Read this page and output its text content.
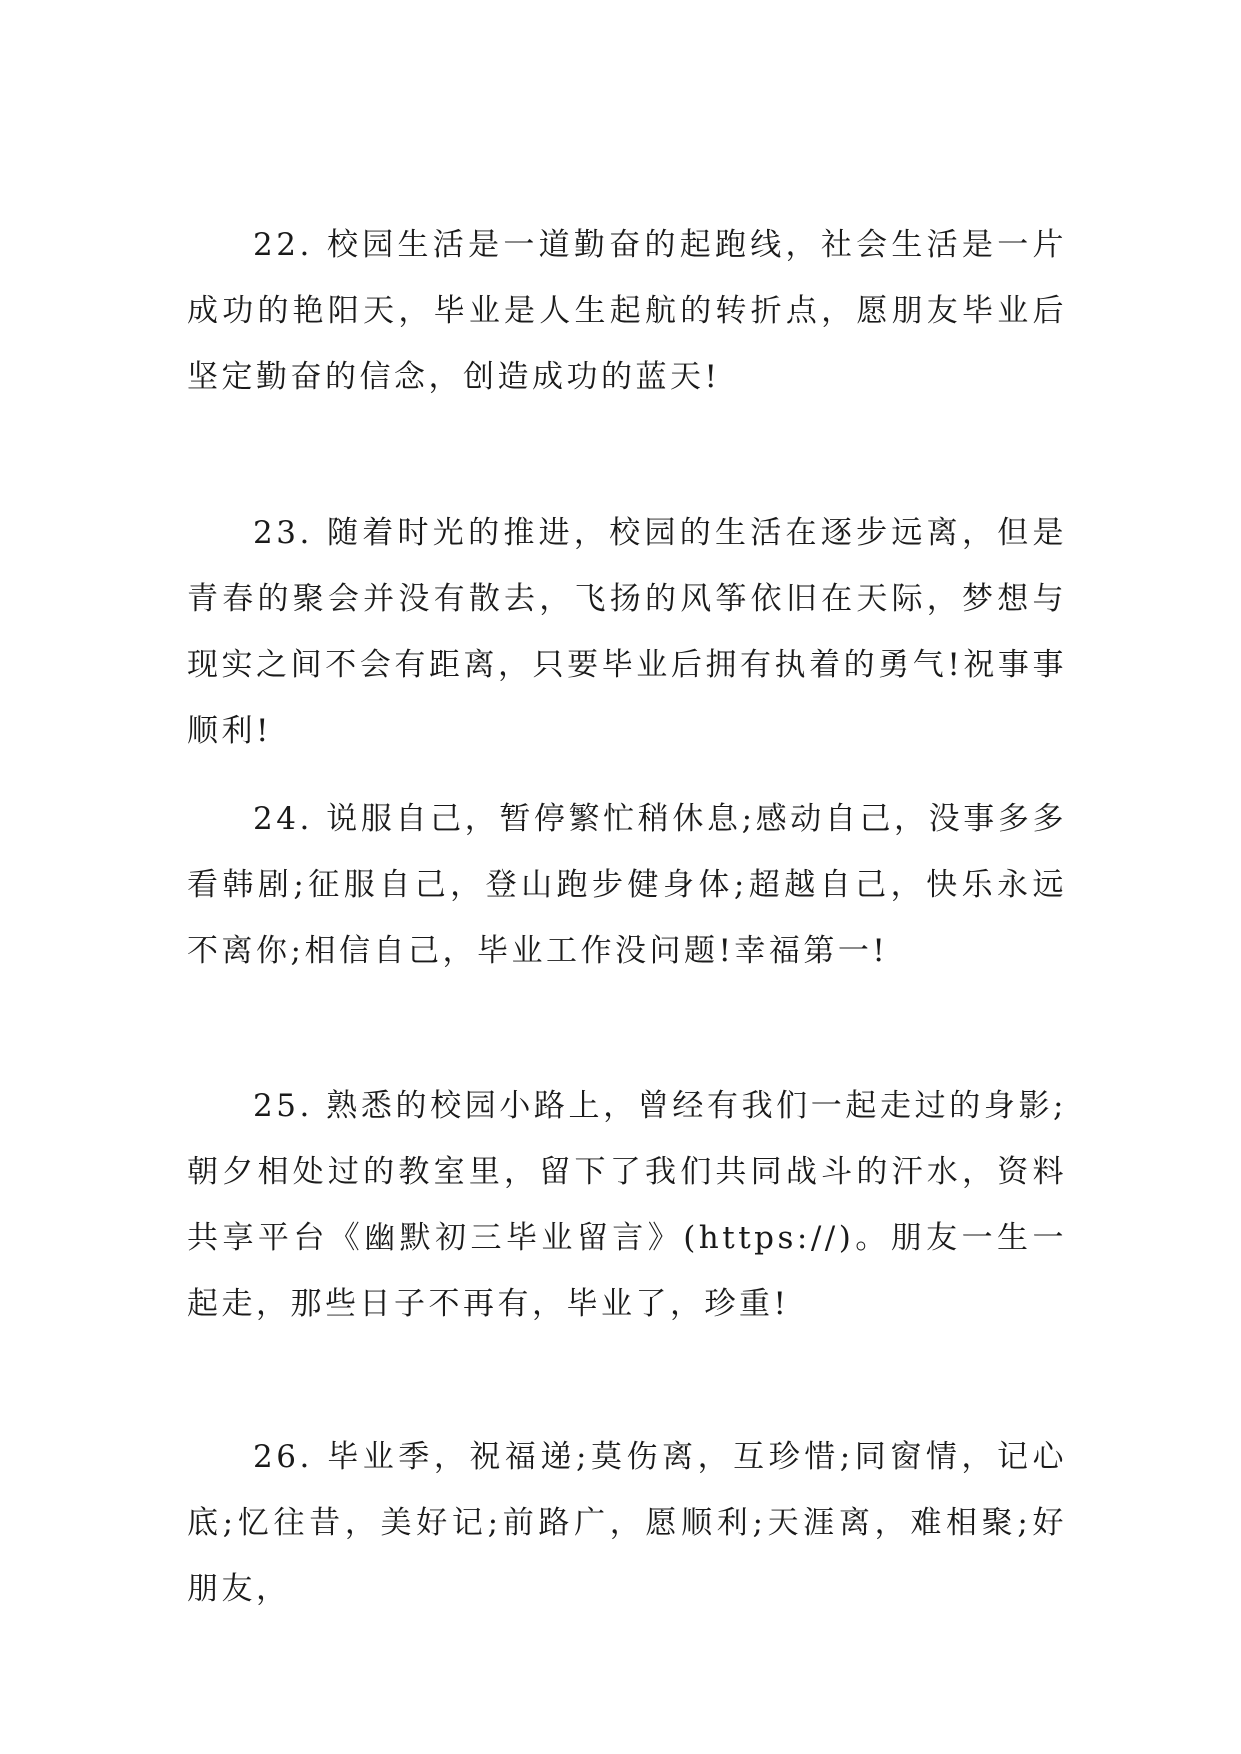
22. 校园生活是一道勤奋的起跑线，社会生活是一片成功的艳阳天，毕业是人生起航的转折点，愿朋友毕业后坚定勤奋的信念，创造成功的蓝天!

23. 随着时光的推进，校园的生活在逐步远离，但是青春的聚会并没有散去，飞扬的风筝依旧在天际，梦想与现实之间不会有距离，只要毕业后拥有执着的勇气!祝事事顺利!

24. 说服自己，暂停繁忙稍休息;感动自己，没事多多看韩剧;征服自己，登山跑步健身体;超越自己，快乐永远不离你;相信自己，毕业工作没问题!幸福第一!

25. 熟悉的校园小路上，曾经有我们一起走过的身影;朝夕相处过的教室里，留下了我们共同战斗的汗水，资料共享平台《幽默初三毕业留言》(https://)。朋友一生一起走，那些日子不再有，毕业了，珍重!

26. 毕业季，祝福递;莫伤离，互珍惜;同窗情，记心底;忆往昔，美好记;前路广，愿顺利;天涯离，难相聚;好朋友，
